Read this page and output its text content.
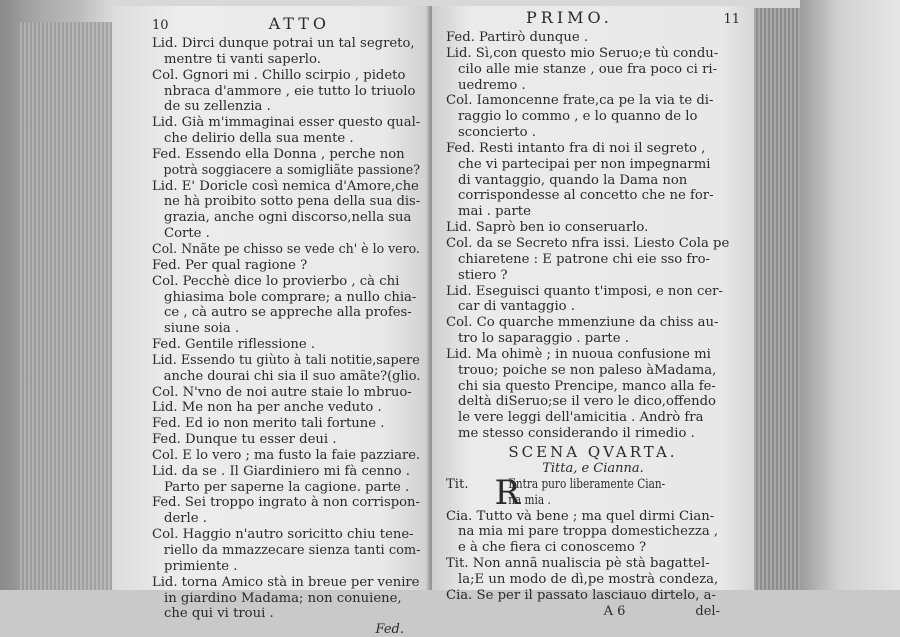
10	ATTO
Lid. Dirci dunque potrai un tal segreto,
mentre ti vanti saperlo.
Col. Ggnori mi . Chillo scirpio , pideto
nbraca d'ammore , eie tutto lo triuolo
de su zellenzia .
Lid. Già m'immaginai esser questo qual-
che delirio della sua mente .
Fed. Essendo ella Donna , perche non
potrà soggiacere a somigliãte passione?
Lid. E' Doricle così nemica d'Amore,che
ne hà proibito sotto pena della sua dis-
grazia, anche ogni discorso,nella sua
Corte .
Col. Nnãte pe chisso se vede ch' è lo vero.
Fed. Per qual ragione ?
Col. Pecchè dice lo provierbo , cà chi
ghiasima bole comprare; a nullo chia-
ce , cà autro se appreche alla profes-
siune soia .
Fed. Gentile riflessione .
Lid. Essendo tu giùto à tali notitie,sapere
anche dourai chi sia il suo amãte?(glio.
Col. N'vno de noi autre staie lo mbruo-
Lid. Me non ha per anche veduto .
Fed. Ed io non merito tali fortune .
Fed. Dunque tu esser deui .
Col. E lo vero ; ma fusto la faie pazziare.
Lid. da se . Il Giardiniero mi fà cenno .
Parto per saperne la cagione. parte .
Fed. Sei troppo ingrato à non corrispon-
derle .
Col. Haggio n'autro soricitto chiu tene-
riello da mmazzecare sienza tanti com-
primiente .
Lid. torna Amico stà in breue per venire
in giardino Madama; non conuiene,
che qui vi troui .
Fed.
PRIMO.	11
Fed. Partirò dunque .
Lid. Sì,con questo mio Seruo;e tù condu-
cilo alle mie stanze , oue fra poco ci ri-
uedremo .
Col. Iamoncenne frate,ca pe la via te di-
raggio lo commo , e lo quanno de lo
sconcierto .
Fed. Resti intanto fra di noi il segreto ,
che vi partecipai per non impegnarmi
di vantaggio, quando la Dama non
corrispondesse al concetto che ne for-
mai . parte
Lid. Saprò ben io conseruarlo.
Col. da se Secreto nfra issi. Liesto Cola pe
chiaretene : E patrone chi eie sso fro-
stiero ?
Lid. Eseguisci quanto t'imposi, e non cer-
car di vantaggio .
Col. Co quarche mmenziune da chiss au-
tro lo saparaggio . parte .
Lid. Ma ohimè ; in nuoua confusione mi
trouo; poiche se non paleso àMadama,
chi sia questo Prencipe, manco alla fe-
deltà diSeruo;se il vero le dico,offendo
le vere leggi dell'amicitia . Andrò fra
me stesso considerando il rimedio .
SCENA QVARTA.
Titta, e Cianna.
Tit. R
Entra puro liberamente Cian-
na mia .
Cia. Tutto và bene ; ma quel dirmi Cian-
na mia mi pare troppa domestichezza ,
e à che fiera ci conoscemo ?
Tit. Non annã nualiscia pè stà bagattel-
la;E un modo de dì,pe mostrà condeza,
Cia. Se per il passato lasciauo dirtelo, a-
A 6	del-
